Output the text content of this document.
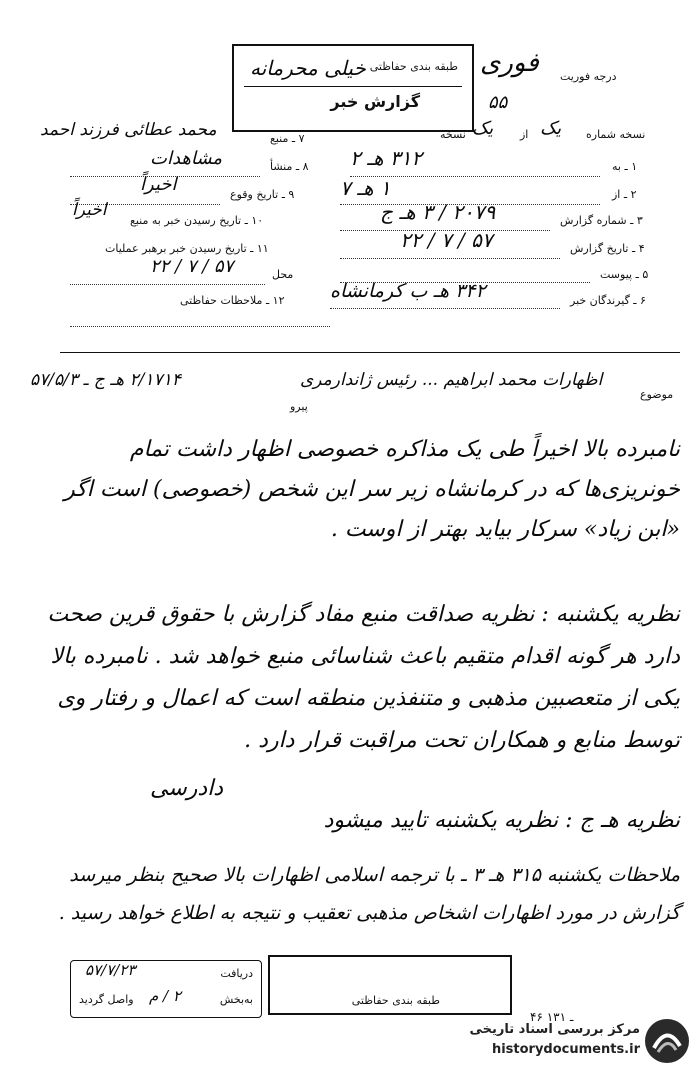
طبقه بندی حفاظتی
گزارش خبر
خیلی محرمانه	درجه فوریت
فوری
۵۵
نسخه شماره
یک
از
یک
نسخه
۱ ـ به
۳۱۲ هـ ۲
۲ ـ از
۱ هـ ۷
۳ ـ شماره گزارش
۲۰۷۹ / ۳ هـ ج
۴ ـ تاریخ گزارش
۵۷ / ۷ / ۲۲
۵ ـ پیوست
۶ ـ گیرندگان خبر
۳۴۲ هـ ب کرمانشاه
۷ ـ منبع
محمد عطائی فرزند احمد
۸ ـ منشأ
مشاهدات
۹ ـ تاریخ وقوع
اخیراً
۱۰ ـ تاریخ رسیدن خبر به منبع
اخیراً
۱۱ ـ تاریخ رسیدن خبر برهبر عملیات
محل
۵۷ / ۷ / ۲۲
۱۲ ـ ملاحظات حفاظتی
موضوع
پیرو
اظهارات محمد ابراهیم ... رئیس ژاندارمری
۲/۱۷۱۴ هـ ج ـ ۵۷/۵/۳
نامبرده بالا اخیراً طی یک مذاکره خصوصی اظهار داشت تمام خونریزی‌ها که در کرمانشاه زیر سر این شخص (خصوصی) است اگر «ابن زیاد» سرکار بیاید بهتر از اوست .
نظریه یکشنبه : نظریه صداقت منبع مفاد گزارش با حقوق قرین صحت دارد هر گونه اقدام متقیم باعث شناسائی منبع خواهد شد . نامبرده بالا یکی از متعصبین مذهبی و متنفذین منطقه است که اعمال و رفتار وی توسط منابع و همکاران تحت مراقبت قرار دارد .
دادرسی
نظریه هـ ج : نظریه یکشنبه تایید میشود
ملاحظات یکشنبه ۳۱۵ هـ ۳ ـ با ترجمه اسلامی اظهارات بالا صحیح بنظر میرسد گزارش در مورد اظهارات اشخاص مذهبی تعقیب و نتیجه به اطلاع خواهد رسید .
دریافت
۵۷/۷/۲۳
به‌بخش
واصل گردید ۲ / م	طبقه بندی حفاظتی
۴۶ ـ ۱۳۱
مرکز بررسی اسناد تاریخی
historydocuments.ir
